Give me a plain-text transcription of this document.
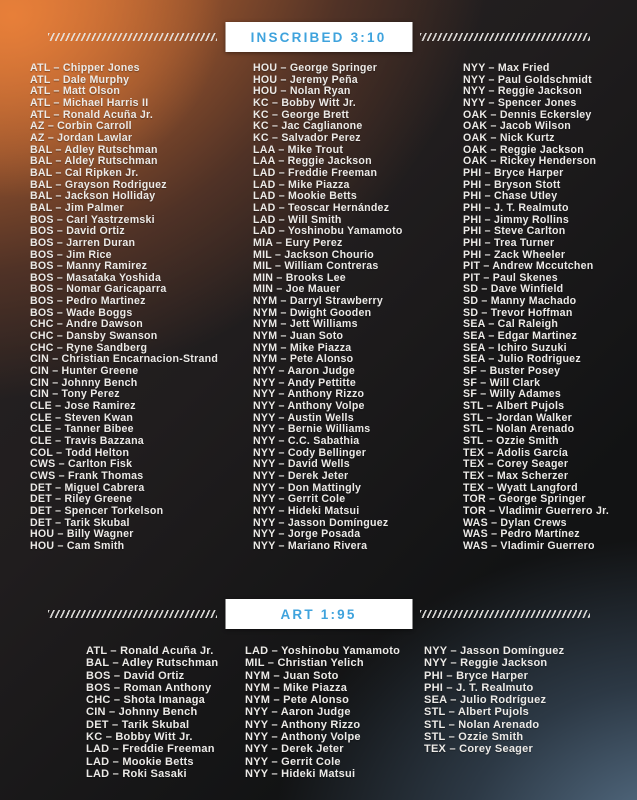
INSCRIBED 3:10
ATL – Chipper Jones
ATL – Dale Murphy
ATL – Matt Olson
ATL – Michael Harris II
ATL – Ronald Acuña Jr.
AZ – Corbin Carroll
AZ – Jordan Lawlar
BAL – Adley Rutschman
BAL – Aldey Rutschman
BAL – Cal Ripken Jr.
BAL – Grayson Rodriguez
BAL – Jackson Holliday
BAL – Jim Palmer
BOS – Carl Yastrzemski
BOS – David Ortiz
BOS – Jarren Duran
BOS – Jim Rice
BOS – Manny Ramirez
BOS – Masataka Yoshida
BOS – Nomar Garicaparra
BOS – Pedro Martinez
BOS – Wade Boggs
CHC – Andre Dawson
CHC – Dansby Swanson
CHC – Ryne Sandberg
CIN – Christian Encarnacion-Strand
CIN – Hunter Greene
CIN – Johnny Bench
CIN – Tony Perez
CLE – Jose Ramirez
CLE – Steven Kwan
CLE – Tanner Bibee
CLE – Travis Bazzana
COL – Todd Helton
CWS – Carlton Fisk
CWS – Frank Thomas
DET – Miguel Cabrera
DET – Riley Greene
DET – Spencer Torkelson
DET – Tarik Skubal
HOU – Billy Wagner
HOU – Cam Smith
HOU – George Springer
HOU – Jeremy Peña
HOU – Nolan Ryan
KC – Bobby Witt Jr.
KC – George Brett
KC – Jac Caglianone
KC – Salvador Perez
LAA – Mike Trout
LAA – Reggie Jackson
LAD – Freddie Freeman
LAD – Mike Piazza
LAD – Mookie Betts
LAD – Teoscar Hernández
LAD – Will Smith
LAD – Yoshinobu Yamamoto
MIA – Eury Perez
MIL – Jackson Chourio
MIL – William Contreras
MIN – Brooks Lee
MIN – Joe Mauer
NYM – Darryl Strawberry
NYM – Dwight Gooden
NYM – Jett Williams
NYM – Juan Soto
NYM – Mike Piazza
NYM – Pete Alonso
NYY – Aaron Judge
NYY – Andy Pettitte
NYY – Anthony Rizzo
NYY – Anthony Volpe
NYY – Austin Wells
NYY – Bernie Williams
NYY – C.C. Sabathia
NYY – Cody Bellinger
NYY – David Wells
NYY – Derek Jeter
NYY – Don Mattingly
NYY – Gerrit Cole
NYY – Hideki Matsui
NYY – Jasson Domínguez
NYY – Jorge Posada
NYY – Mariano Rivera
NYY – Max Fried
NYY – Paul Goldschmidt
NYY – Reggie Jackson
NYY – Spencer Jones
OAK – Dennis Eckersley
OAK – Jacob Wilson
OAK – Nick Kurtz
OAK – Reggie Jackson
OAK – Rickey Henderson
PHI – Bryce Harper
PHI – Bryson Stott
PHI – Chase Utley
PHI – J. T. Realmuto
PHI – Jimmy Rollins
PHI – Steve Carlton
PHI – Trea Turner
PHI – Zack Wheeler
PIT – Andrew Mccutchen
PIT – Paul Skenes
SD – Dave Winfield
SD – Manny Machado
SD – Trevor Hoffman
SEA – Cal Raleigh
SEA – Edgar Martinez
SEA – Ichiro Suzuki
SEA – Julio Rodriguez
SF – Buster Posey
SF – Will Clark
SF – Willy Adames
STL – Albert Pujols
STL – Jordan Walker
STL – Nolan Arenado
STL – Ozzie Smith
TEX – Adolis García
TEX – Corey Seager
TEX – Max Scherzer
TEX – Wyatt Langford
TOR – George Springer
TOR – Vladimir Guerrero Jr.
WAS – Dylan Crews
WAS – Pedro Martínez
WAS – Vladimir Guerrero
ART 1:95
ATL – Ronald Acuña Jr.
BAL – Adley Rutschman
BOS – David Ortiz
BOS – Roman Anthony
CHC – Shota Imanaga
CIN – Johnny Bench
DET – Tarik Skubal
KC – Bobby Witt Jr.
LAD – Freddie Freeman
LAD – Mookie Betts
LAD – Roki Sasaki
LAD – Yoshinobu Yamamoto
MIL – Christian Yelich
NYM – Juan Soto
NYM – Mike Piazza
NYM – Pete Alonso
NYY – Aaron Judge
NYY – Anthony Rizzo
NYY – Anthony Volpe
NYY – Derek Jeter
NYY – Gerrit Cole
NYY – Hideki Matsui
NYY – Jasson Domínguez
NYY – Reggie Jackson
PHI – Bryce Harper
PHI – J. T. Realmuto
SEA – Julio Rodríguez
STL – Albert Pujols
STL – Nolan Arenado
STL – Ozzie Smith
TEX – Corey Seager
